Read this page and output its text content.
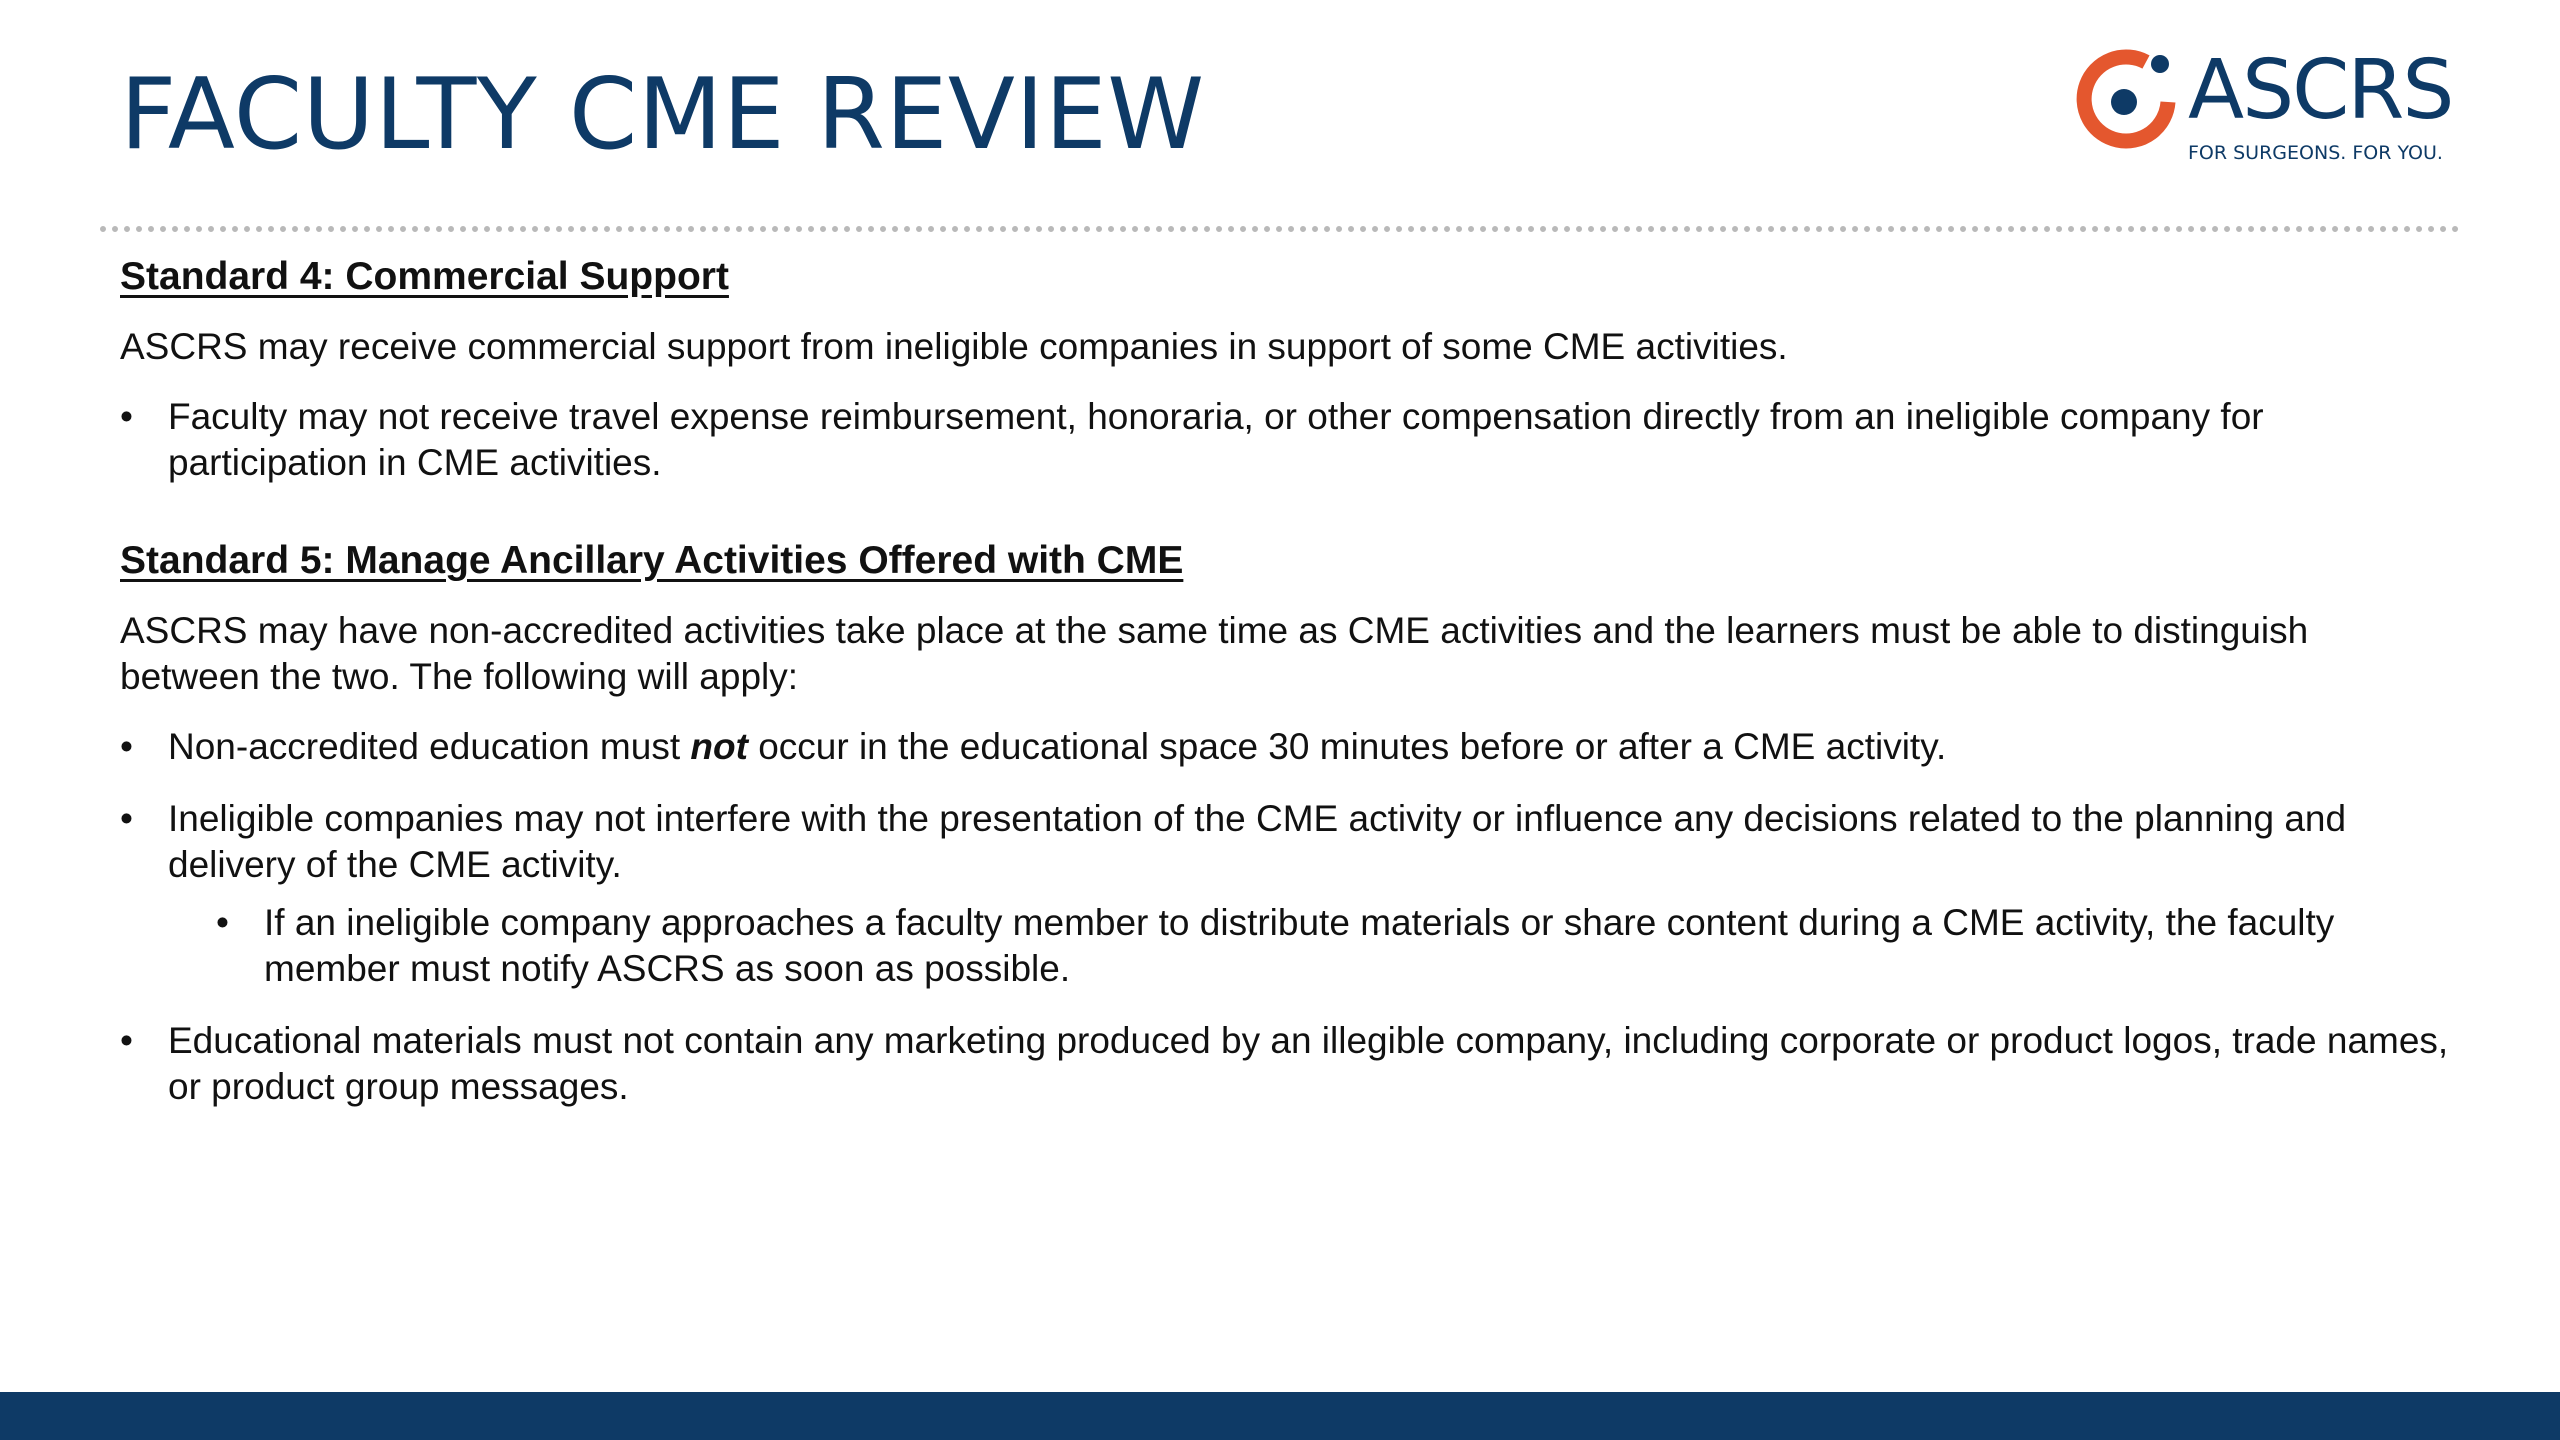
FACULTY CME REVIEW	ASCRS
FOR SURGEONS. FOR YOU.
Standard 4: Commercial Support

ASCRS may receive commercial support from ineligible companies in support of some CME activities.

• Faculty may not receive travel expense reimbursement, honoraria, or other compensation directly from an ineligible company for participation in CME activities.
Standard 5: Manage Ancillary Activities Offered with CME

ASCRS may have non-accredited activities take place at the same time as CME activities and the learners must be able to distinguish between the two. The following will apply:

• Non-accredited education must not occur in the educational space 30 minutes before or after a CME activity.
• Ineligible companies may not interfere with the presentation of the CME activity or influence any decisions related to the planning and delivery of the CME activity.
• If an ineligible company approaches a faculty member to distribute materials or share content during a CME activity, the faculty member must notify ASCRS as soon as possible.
• Educational materials must not contain any marketing produced by an illegible company, including corporate or product logos, trade names, or product group messages.
